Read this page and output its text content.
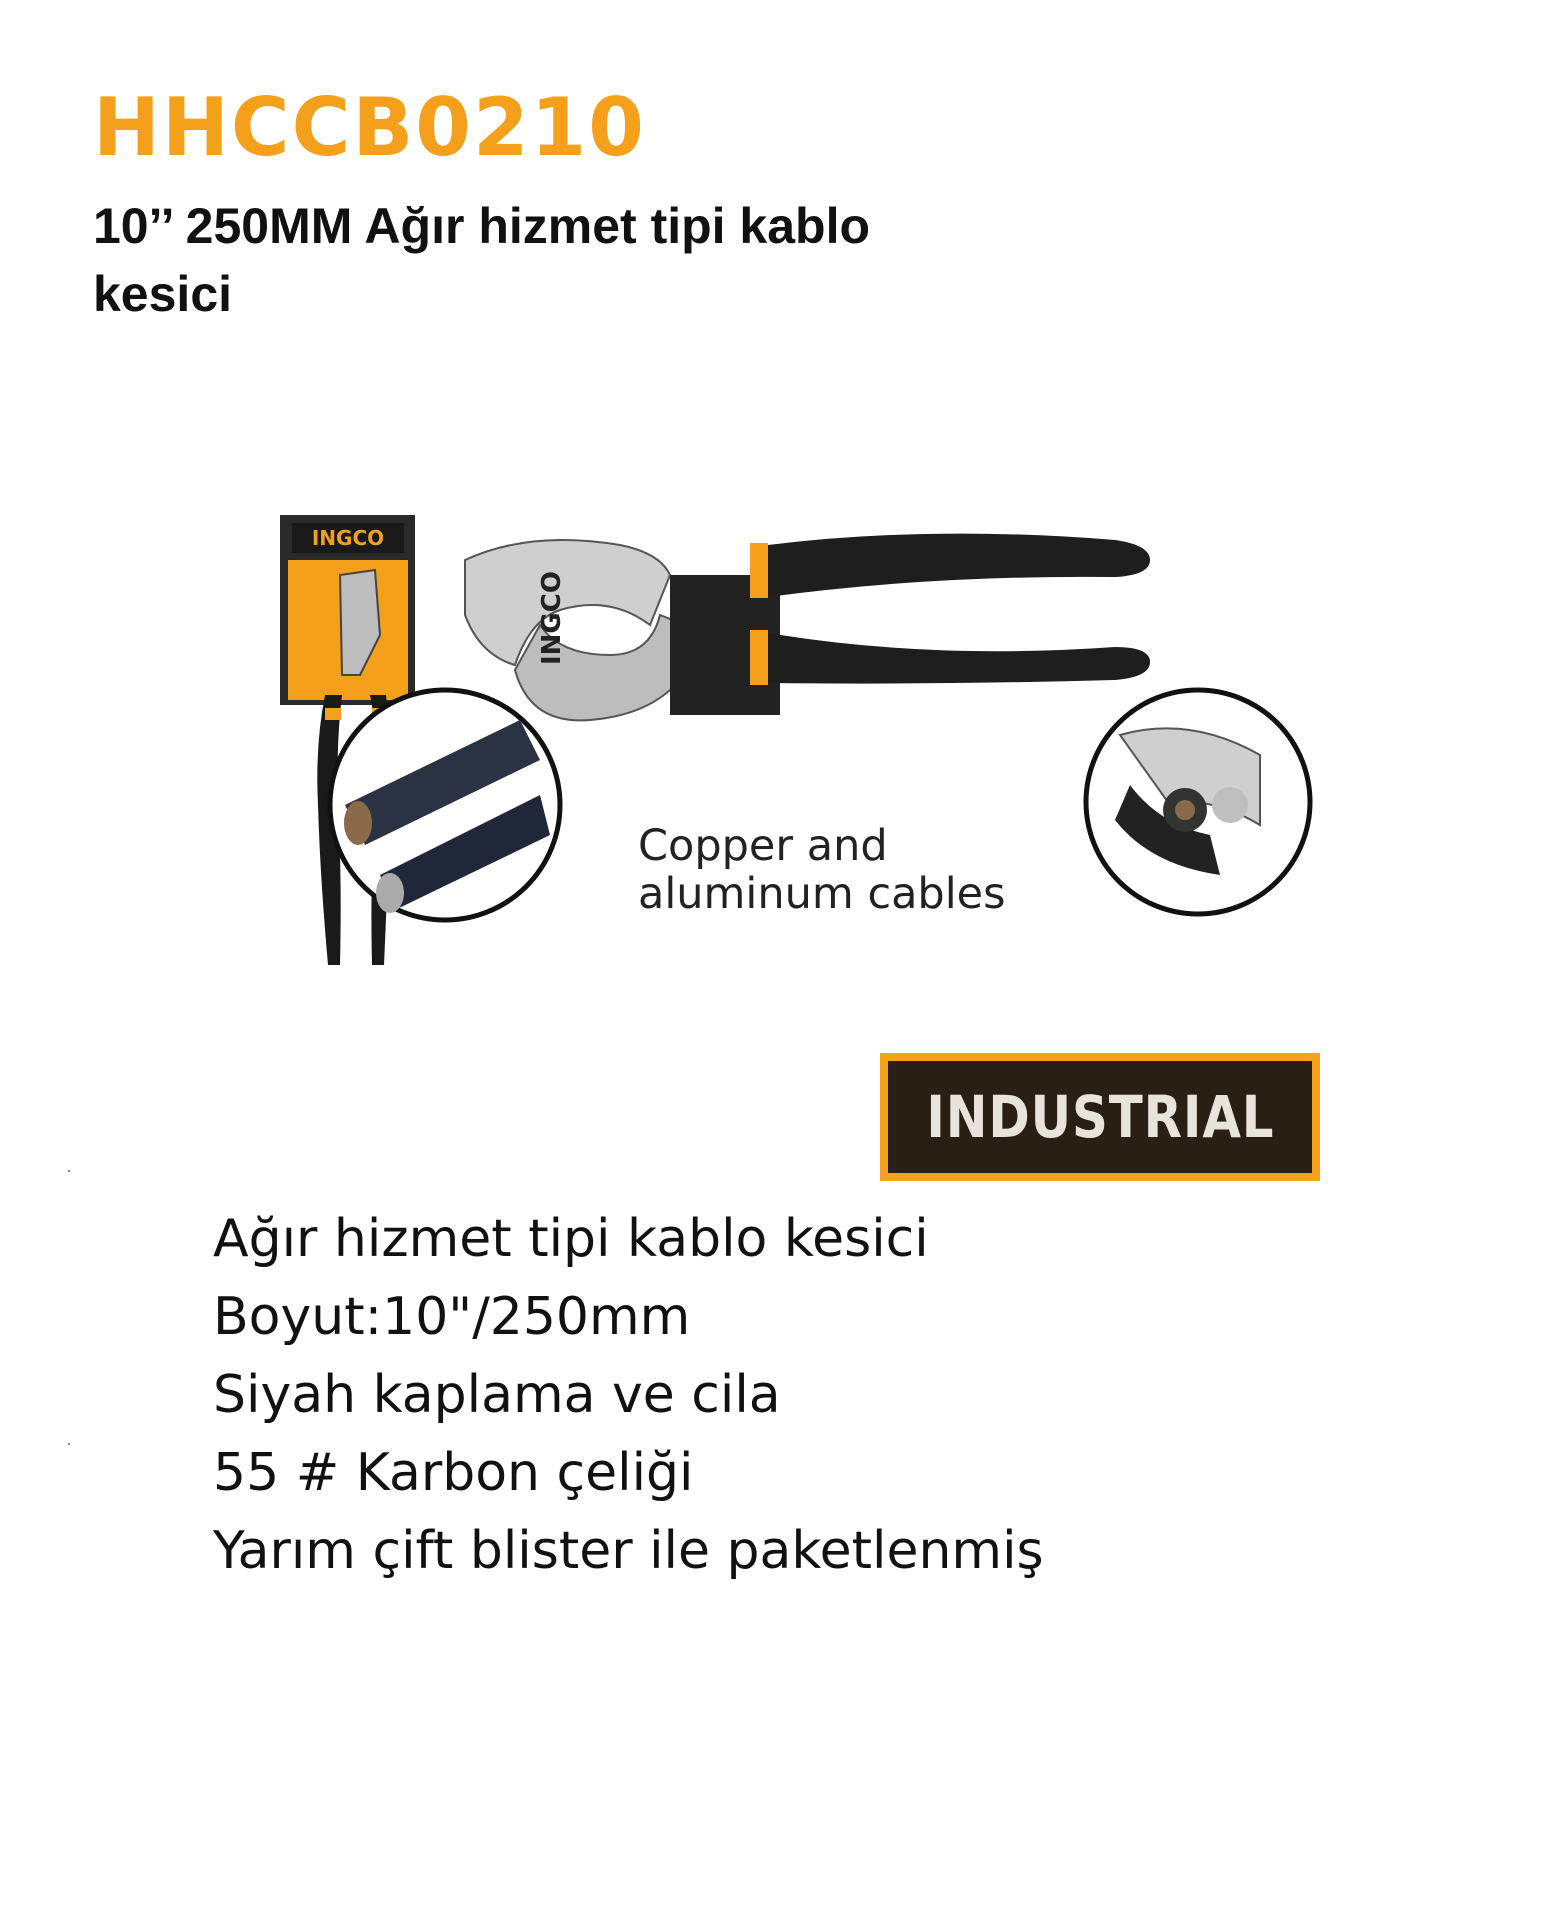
HHCCB0210
10’’ 250MM Ağır hizmet tipi kablo
kesici
INGCO
INGCO
Copper and
aluminum cables
INDUSTRIAL
Ağır hizmet tipi kablo kesici
Boyut:10"/250mm
Siyah kaplama ve cila
55 # Karbon çeliği
Yarım çift blister ile paketlenmiş
